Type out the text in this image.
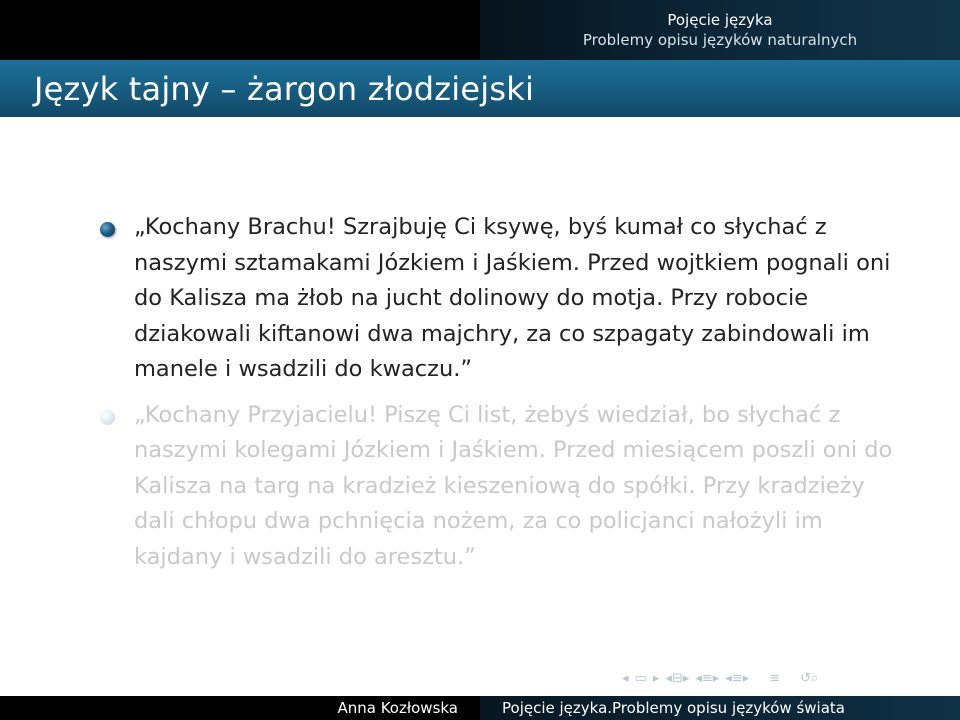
Pojęcie języka
Problemy opisu języków naturalnych
Język tajny – żargon złodziejski
„Kochany Brachu! Szrajbuję Ci ksywę, byś kumał co słychać z naszymi sztamakami Józkiem i Jaśkiem. Przed wojtkiem pognali oni do Kalisza ma żłob na jucht dolinowy do motja. Przy robocie dziakowali kiftanowi dwa majchry, za co szpagaty zabindowali im manele i wsadzili do kwaczu.”
„Kochany Przyjacielu! Piszę Ci list, żebyś wiedział, bo słychać z naszymi kolegami Józkiem i Jaśkiem. Przed miesiącem poszli oni do Kalisza na targ na kradzież kieszeniową do spółki. Przy kradzieży dali chłopu dwa pchnięcia nożem, za co policjanci nałożyli im kajdany i wsadzili do aresztu.”
◂ ▭ ▸ ◂⊟▸ ◂≡▸ ◂≡▸ ≡ ↺⌕
Anna Kozłowska	Pojęcie języka.Problemy opisu języków świata
